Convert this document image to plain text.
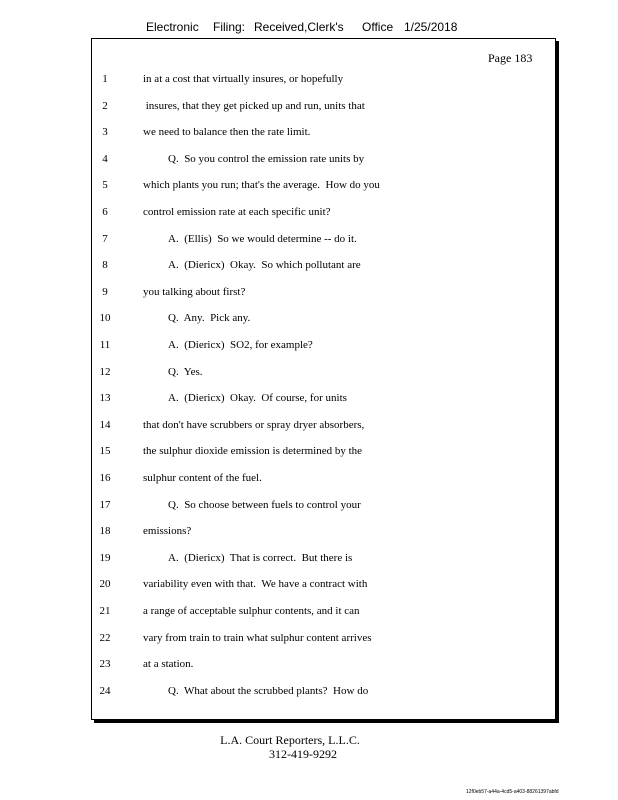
Electronic Filing: Received,Clerk's Office 1/25/2018
Page 183
1	in at a cost that virtually insures, or hopefully
2	insures, that they get picked up and run, units that
3	we need to balance then the rate limit.
4	Q.  So you control the emission rate units by
5	which plants you run; that's the average.  How do you
6	control emission rate at each specific unit?
7	A.  (Ellis)  So we would determine -- do it.
8	A.  (Diericx)  Okay.  So which pollutant are
9	you talking about first?
10	Q.  Any.  Pick any.
11	A.  (Diericx)  SO2, for example?
12	Q.  Yes.
13	A.  (Diericx)  Okay.  Of course, for units
14	that don't have scrubbers or spray dryer absorbers,
15	the sulphur dioxide emission is determined by the
16	sulphur content of the fuel.
17	Q.  So choose between fuels to control your
18	emissions?
19	A.  (Diericx)  That is correct.  But there is
20	variability even with that.  We have a contract with
21	a range of acceptable sulphur contents, and it can
22	vary from train to train what sulphur content arrives
23	at a station.
24	Q.  What about the scrubbed plants?  How do
L.A. Court Reporters, L.L.C.

312-419-9292
12f0eb57-a44a-4cd5-a403-88261397abfd
